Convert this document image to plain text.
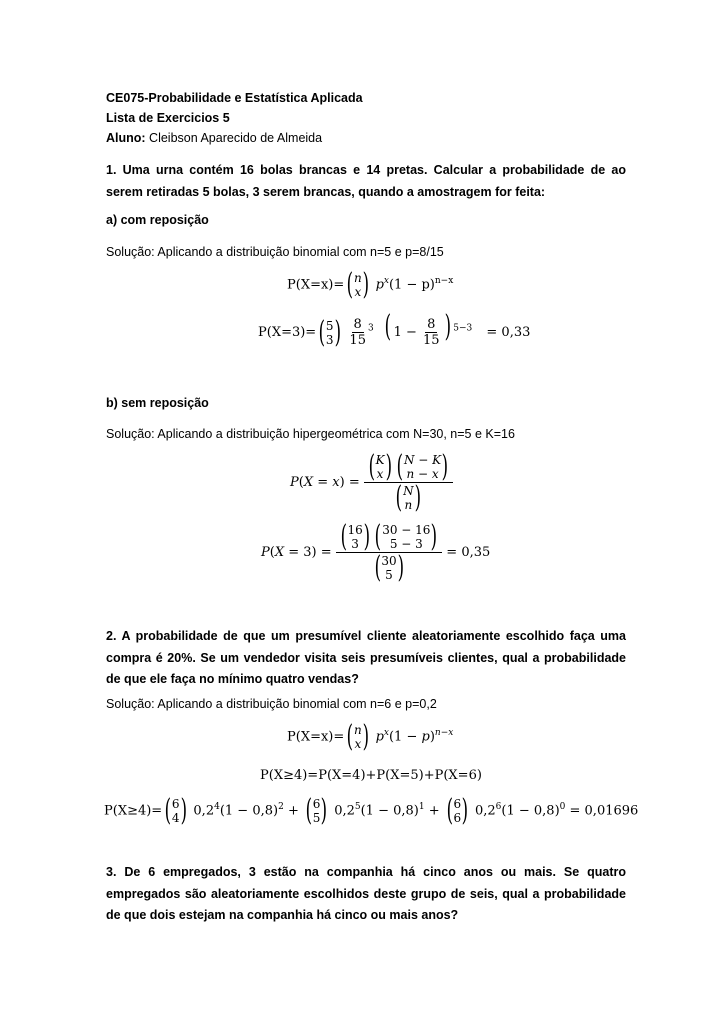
CE075-Probabilidade e Estatística Aplicada
Lista de Exercicios 5
Aluno: Cleibson Aparecido de Almeida
1. Uma urna contém 16 bolas brancas e 14 pretas. Calcular a probabilidade de ao serem retiradas 5 bolas, 3 serem brancas, quando a amostragem for feita:
a) com reposição
Solução: Aplicando a distribuição binomial com n=5 e p=8/15
P(X=x)= ( n
x ) $p^x(1 - p)^{n-x}$
P(X=3)= ( 5
3 )
$\frac{8}{15} ^3$ ( $1 - \frac{8}{15}$ ) $^{5-3}$ = 0,33
b) sem reposição
Solução: Aplicando a distribuição hipergeométrica com N=30, n=5 e K=16
P(X = x) = ( K
x ) ( N − K
n − x )
( N
n )
P(X = 3) = ( 16
3 ) ( 30 − 16
5 − 3 )
( 30
5 ) = 0,35
2. A probabilidade de que um presumível cliente aleatoriamente escolhido faça uma compra é 20%. Se um vendedor visita seis presumíveis clientes, qual a probabilidade de que ele faça no mínimo quatro vendas?
Solução: Aplicando a distribuição binomial com n=6 e p=0,2
P(X=x)= ( n
x ) $p^x(1 - p)^{n-x}$
P(X≥4)=P(X=4)+P(X=5)+P(X=6)
P(X≥4)= ( 6
4 ) $0,2^4(1 - 0,8)^2$ + ( 6
5 ) $0,2^5(1 - 0,8)^1$ + ( 6
6 ) $0,2^6(1 - 0,8)^0 = 0,01696$
3. De 6 empregados, 3 estão na companhia há cinco anos ou mais. Se quatro empregados são aleatoriamente escolhidos deste grupo de seis, qual a probabilidade de que dois estejam na companhia há cinco ou mais anos?
